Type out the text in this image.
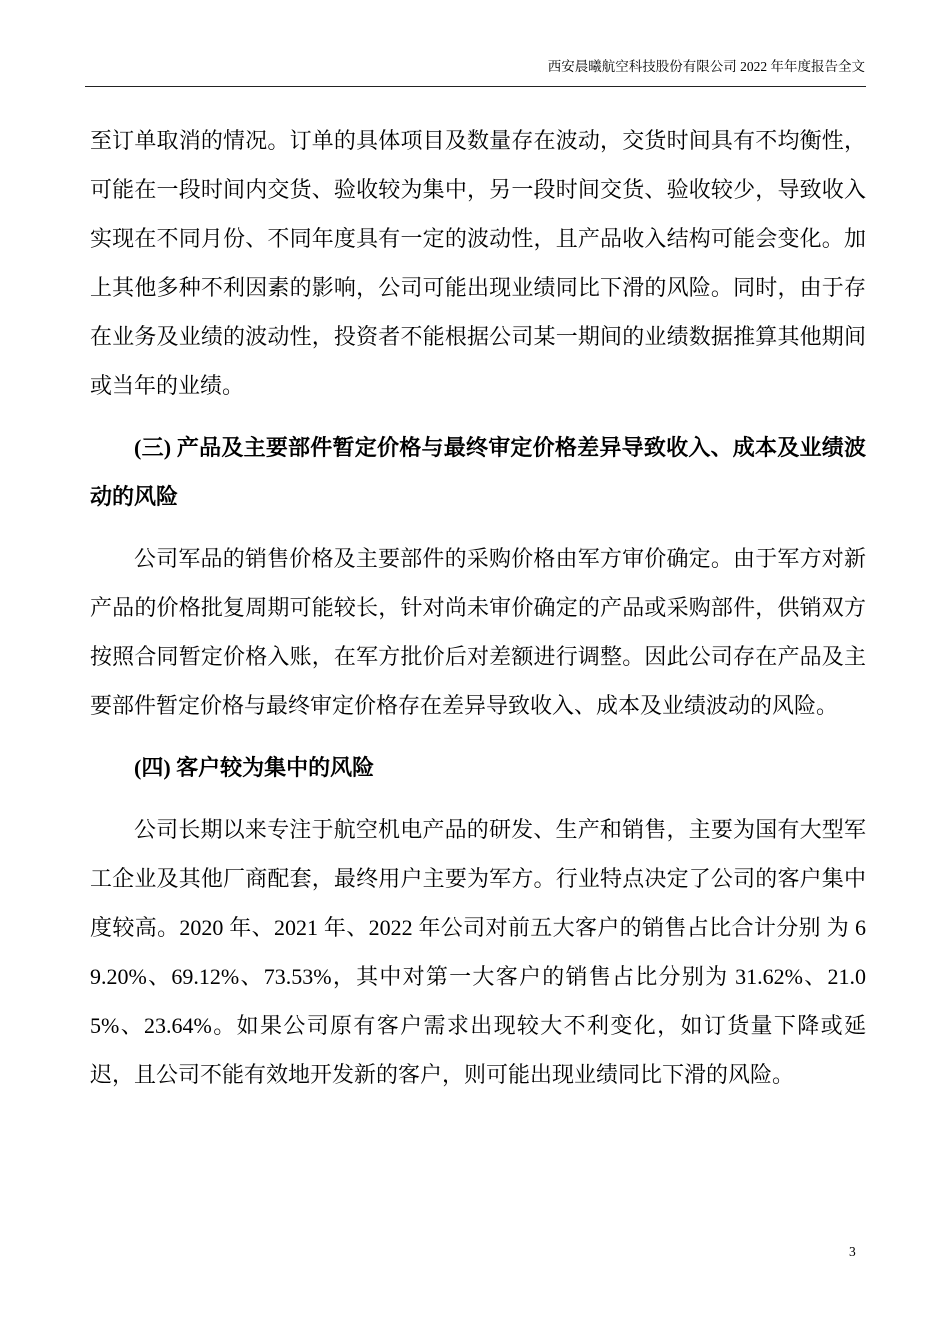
西安晨曦航空科技股份有限公司 2022 年年度报告全文

至订单取消的情况。订单的具体项目及数量存在波动，交货时间具有不均衡性，可能在一段时间内交货、验收较为集中，另一段时间交货、验收较少，导致收入实现在不同月份、不同年度具有一定的波动性，且产品收入结构可能会变化。加上其他多种不利因素的影响，公司可能出现业绩同比下滑的风险。同时，由于存在业务及业绩的波动性，投资者不能根据公司某一期间的业绩数据推算其他期间或当年的业绩。

(三) 产品及主要部件暂定价格与最终审定价格差异导致收入、成本及业绩波动的风险

公司军品的销售价格及主要部件的采购价格由军方审价确定。由于军方对新产品的价格批复周期可能较长，针对尚未审价确定的产品或采购部件，供销双方按照合同暂定价格入账，在军方批价后对差额进行调整。因此公司存在产品及主要部件暂定价格与最终审定价格存在差异导致收入、成本及业绩波动的风险。

(四) 客户较为集中的风险

公司长期以来专注于航空机电产品的研发、生产和销售，主要为国有大型军工企业及其他厂商配套，最终用户主要为军方。行业特点决定了公司的客户集中度较高。2020 年、2021 年、2022 年公司对前五大客户的销售占比合计分别 为 69.20%、69.12%、73.53%，其中对第一大客户的销售占比分别为 31.62%、21.05%、23.64%。如果公司原有客户需求出现较大不利变化，如订货量下降或延迟，且公司不能有效地开发新的客户，则可能出现业绩同比下滑的风险。

3
